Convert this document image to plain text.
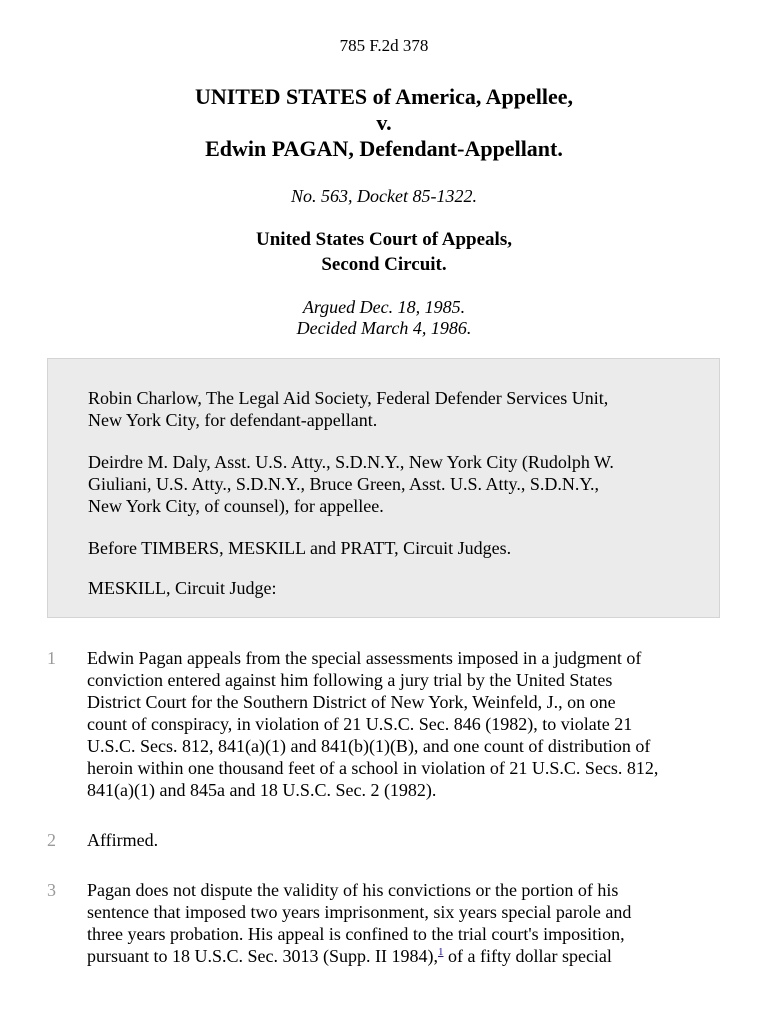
785 F.2d 378
UNITED STATES of America, Appellee,
v.
Edwin PAGAN, Defendant-Appellant.
No. 563, Docket 85-1322.
United States Court of Appeals,
Second Circuit.
Argued Dec. 18, 1985.
Decided March 4, 1986.
Robin Charlow, The Legal Aid Society, Federal Defender Services Unit,
New York City, for defendant-appellant.
Deirdre M. Daly, Asst. U.S. Atty., S.D.N.Y., New York City (Rudolph W.
Giuliani, U.S. Atty., S.D.N.Y., Bruce Green, Asst. U.S. Atty., S.D.N.Y.,
New York City, of counsel), for appellee.
Before TIMBERS, MESKILL and PRATT, Circuit Judges.
MESKILL, Circuit Judge:
1 Edwin Pagan appeals from the special assessments imposed in a judgment of
conviction entered against him following a jury trial by the United States
District Court for the Southern District of New York, Weinfeld, J., on one
count of conspiracy, in violation of 21 U.S.C. Sec. 846 (1982), to violate 21
U.S.C. Secs. 812, 841(a)(1) and 841(b)(1)(B), and one count of distribution of
heroin within one thousand feet of a school in violation of 21 U.S.C. Secs. 812,
841(a)(1) and 845a and 18 U.S.C. Sec. 2 (1982).
2 Affirmed.
3 Pagan does not dispute the validity of his convictions or the portion of his
sentence that imposed two years imprisonment, six years special parole and
three years probation. His appeal is confined to the trial court's imposition,
pursuant to 18 U.S.C. Sec. 3013 (Supp. II 1984),$^1$ of a fifty dollar special
